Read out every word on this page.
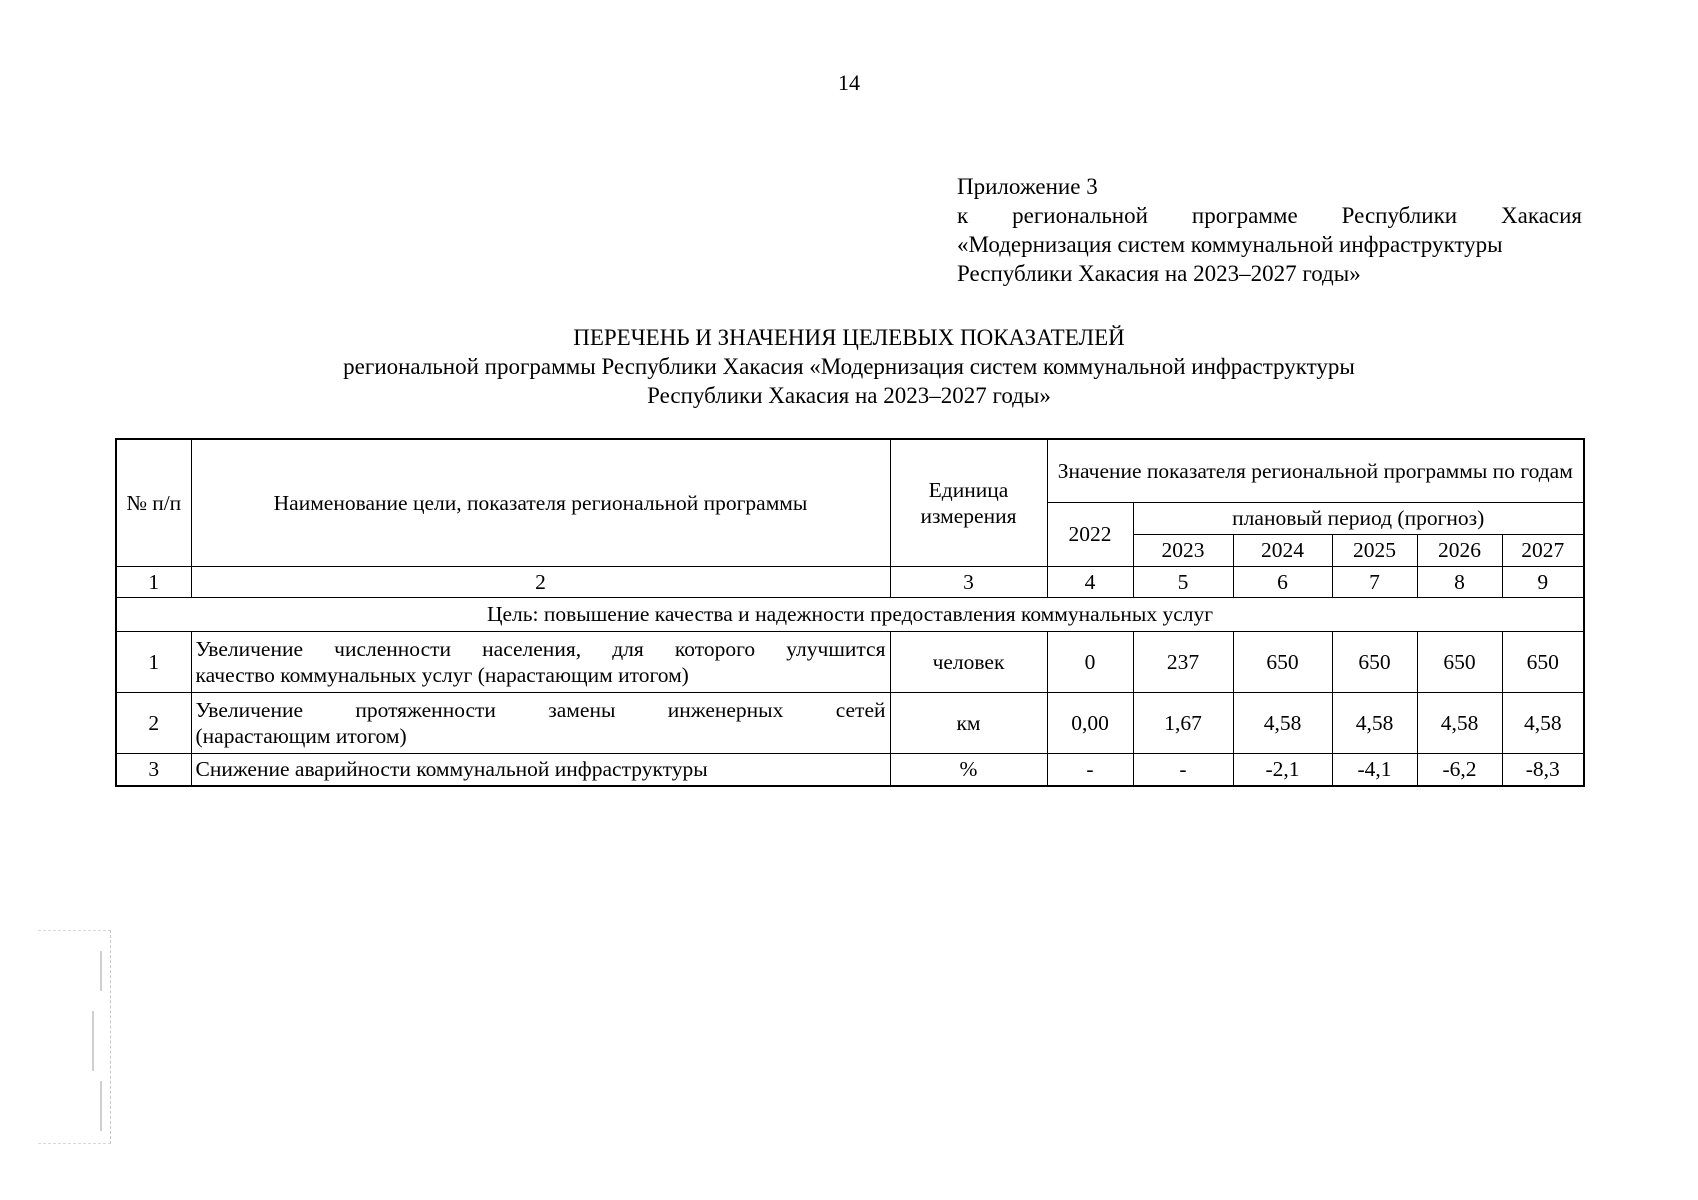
14
Приложение 3
к региональной программе Республики Хакасия
«Модернизация систем коммунальной инфраструктуры
Республики Хакасия на 2023–2027 годы»
ПЕРЕЧЕНЬ И ЗНАЧЕНИЯ ЦЕЛЕВЫХ ПОКАЗАТЕЛЕЙ
региональной программы Республики Хакасия «Модернизация систем коммунальной инфраструктуры
Республики Хакасия на 2023–2027 годы»
№ п/п	Наименование цели, показателя региональной программы	Единица измерения	Значение показателя региональной программы по годам					
			2022	плановый период (прогноз)				
				2023	2024	2025	2026	2027
1	2	3	4	5	6	7	8	9
Цель: повышение качества и надежности предоставления коммунальных услуг								
1	Увеличение численности населения, для которого улучшится
качество коммунальных услуг (нарастающим итогом)	человек	0	237	650	650	650	650
2	Увеличение протяженности замены инженерных сетей
(нарастающим итогом)	км	0,00	1,67	4,58	4,58	4,58	4,58
3	Снижение аварийности коммунальной инфраструктуры	%	-	-	-2,1	-4,1	-6,2	-8,3
